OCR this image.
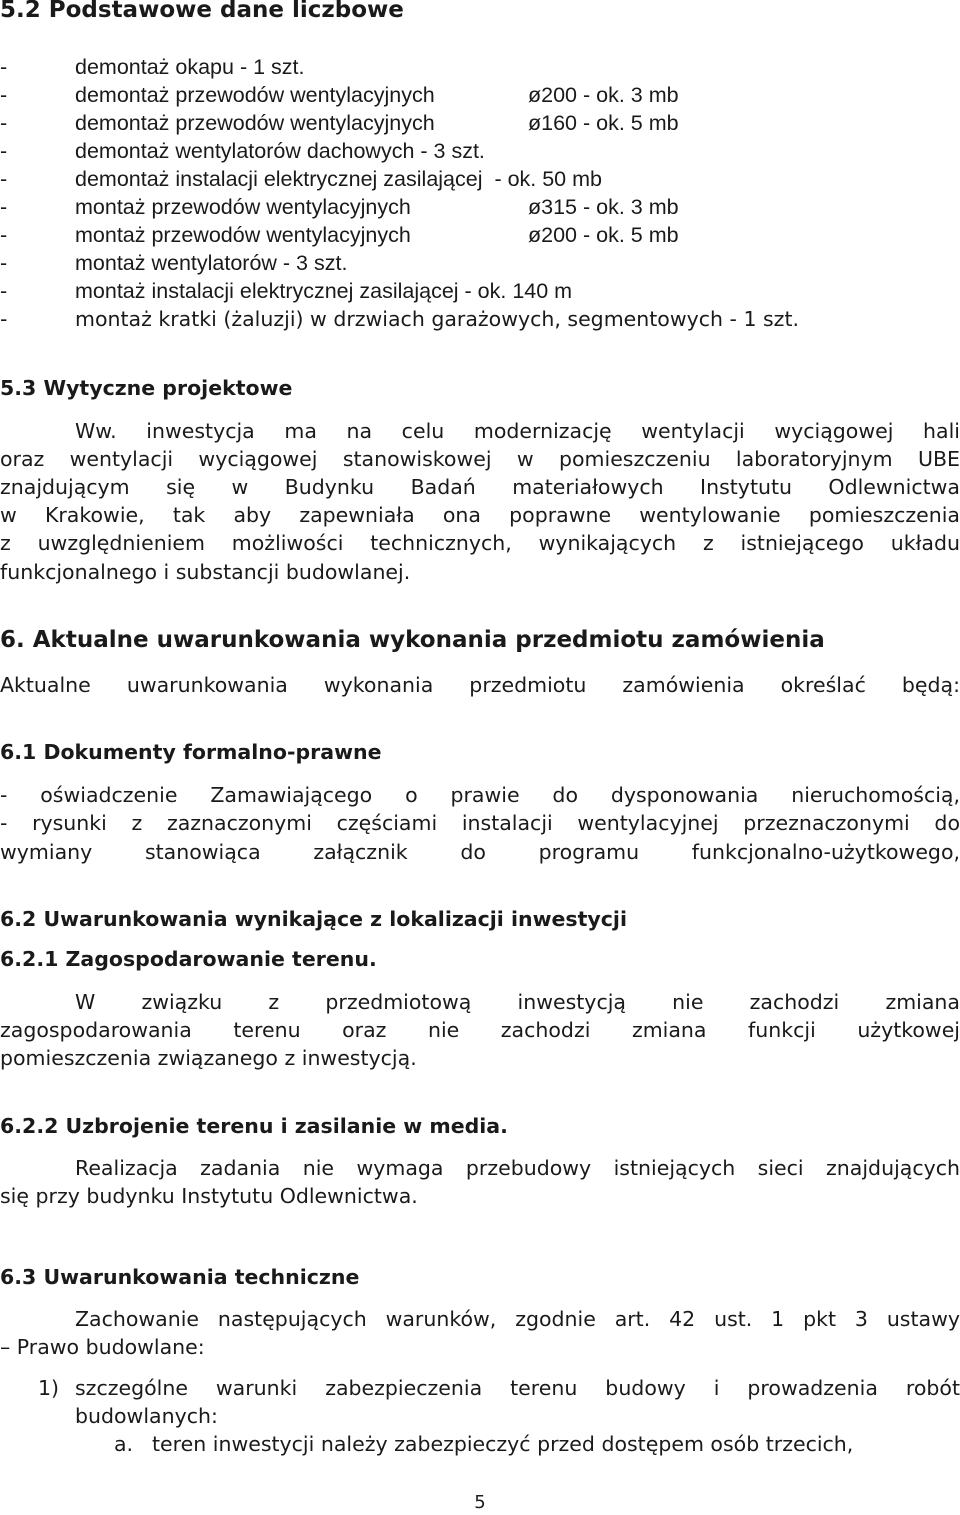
5.2 Podstawowe dane liczbowe
-	demontaż okapu - 1 szt.
-	demontaż przewodów wentylacyjnych	ø200 - ok. 3 mb
-	demontaż przewodów wentylacyjnych	ø160 - ok. 5 mb
-	demontaż wentylatorów dachowych - 3 szt.
-	demontaż instalacji elektrycznej zasilającej  - ok. 50 mb
-	montaż przewodów wentylacyjnych	ø315 - ok. 3 mb
-	montaż przewodów wentylacyjnych	ø200 - ok. 5 mb
-	montaż wentylatorów - 3 szt.
-	montaż instalacji elektrycznej zasilającej - ok. 140 m
-	montaż kratki (żaluzji) w drzwiach garażowych, segmentowych - 1 szt.
5.3 Wytyczne projektowe
Ww. inwestycja ma na celu modernizację wentylacji wyciągowej hali
oraz wentylacji wyciągowej stanowiskowej w pomieszczeniu laboratoryjnym UBE
znajdującym się w Budynku Badań materiałowych Instytutu Odlewnictwa
w Krakowie, tak aby zapewniała ona poprawne wentylowanie pomieszczenia
z uwzględnieniem możliwości technicznych, wynikających z istniejącego układu
funkcjonalnego i substancji budowlanej.
6. Aktualne uwarunkowania wykonania przedmiotu zamówienia
Aktualne uwarunkowania wykonania przedmiotu zamówienia określać będą:
6.1 Dokumenty formalno-prawne
- oświadczenie Zamawiającego o prawie do dysponowania nieruchomością,
- rysunki z zaznaczonymi częściami instalacji wentylacyjnej przeznaczonymi do
wymiany stanowiąca załącznik do programu funkcjonalno-użytkowego,
6.2 Uwarunkowania wynikające z lokalizacji inwestycji
6.2.1 Zagospodarowanie terenu.
W związku z przedmiotową inwestycją nie zachodzi zmiana
zagospodarowania terenu oraz nie zachodzi zmiana funkcji użytkowej
pomieszczenia związanego z inwestycją.
6.2.2 Uzbrojenie terenu i zasilanie w media.
Realizacja zadania nie wymaga przebudowy istniejących sieci znajdujących
się przy budynku Instytutu Odlewnictwa.
6.3 Uwarunkowania techniczne
Zachowanie następujących warunków, zgodnie art. 42 ust. 1 pkt 3 ustawy
– Prawo budowlane:
1) szczególne warunki zabezpieczenia terenu budowy i prowadzenia robót
budowlanych:
a. teren inwestycji należy zabezpieczyć przed dostępem osób trzecich,
5
